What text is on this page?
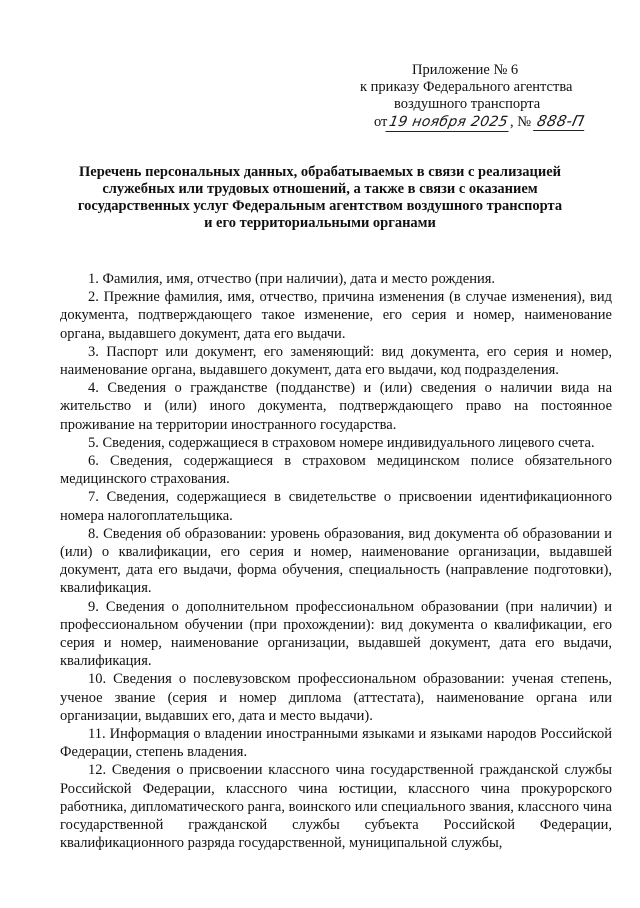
Приложение № 6
к приказу Федерального агентства
воздушного транспорта
от 19 ноября 2025 , № 888-П
Перечень персональных данных, обрабатываемых в связи с реализацией
служебных или трудовых отношений, а также в связи с оказанием
государственных услуг Федеральным агентством воздушного транспорта
и его территориальными органами

1. Фамилия, имя, отчество (при наличии), дата и место рождения.

2. Прежние фамилия, имя, отчество, причина изменения (в случае изменения), вид документа, подтверждающего такое изменение, его серия и номер, наименование органа, выдавшего документ, дата его выдачи.

3. Паспорт или документ, его заменяющий: вид документа, его серия и номер, наименование органа, выдавшего документ, дата его выдачи, код подразделения.

4. Сведения о гражданстве (подданстве) и (или) сведения о наличии вида на жительство и (или) иного документа, подтверждающего право на постоянное проживание на территории иностранного государства.

5. Сведения, содержащиеся в страховом номере индивидуального лицевого счета.

6. Сведения, содержащиеся в страховом медицинском полисе обязательного медицинского страхования.

7. Сведения, содержащиеся в свидетельстве о присвоении идентификационного номера налогоплательщика.

8. Сведения об образовании: уровень образования, вид документа об образовании и (или) о квалификации, его серия и номер, наименование организации, выдавшей документ, дата его выдачи, форма обучения, специальность (направление подготовки), квалификация.

9. Сведения о дополнительном профессиональном образовании (при наличии) и профессиональном обучении (при прохождении): вид документа о квалификации, его серия и номер, наименование организации, выдавшей документ, дата его выдачи, квалификация.

10. Сведения о послевузовском профессиональном образовании: ученая степень, ученое звание (серия и номер диплома (аттестата), наименование органа или организации, выдавших его, дата и место выдачи).

11. Информация о владении иностранными языками и языками народов Российской Федерации, степень владения.

12. Сведения о присвоении классного чина государственной гражданской службы Российской Федерации, классного чина юстиции, классного чина прокурорского работника, дипломатического ранга, воинского или специального звания, классного чина государственной гражданской службы субъекта Российской Федерации, квалификационного разряда государственной, муниципальной службы,
